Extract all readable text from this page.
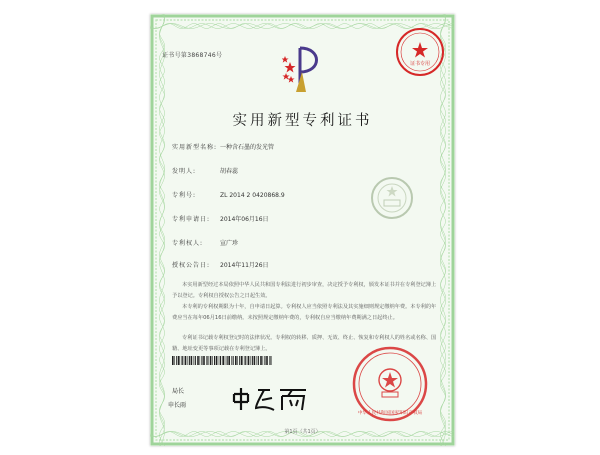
证书专用
证书号第3868746号
实用新型专利证书
实用新型名称: 一种含石墨的发光管
发明人:	胡春蕊
专利号:	ZL 2014 2 0420868.9
专利申请日: 2014年06月16日
专利权人:	宣广珍
授权公告日: 2014年11月26日
本实用新型经过本局依照中华人民共和国专利法进行初步审查，决定授予专利权，颁发本证书并在专利登记簿上予以登记。专利权自授权公告之日起生效。
本专利的专利权期限为十年，自申请日起算。专利权人应当依照专利法及其实施细则规定缴纳年费。本专利的年费应当在每年06月16日前缴纳。未按照规定缴纳年费的，专利权自应当缴纳年费期满之日起终止。
专利证书记载专利权登记时的法律状况。专利权的转移、质押、无效、终止、恢复和专利权人的姓名或名称、国籍、地址变更等事项记载在专利登记簿上。
局长
申长雨
中华人民共和国国家知识产权局
第1页（共1页）
